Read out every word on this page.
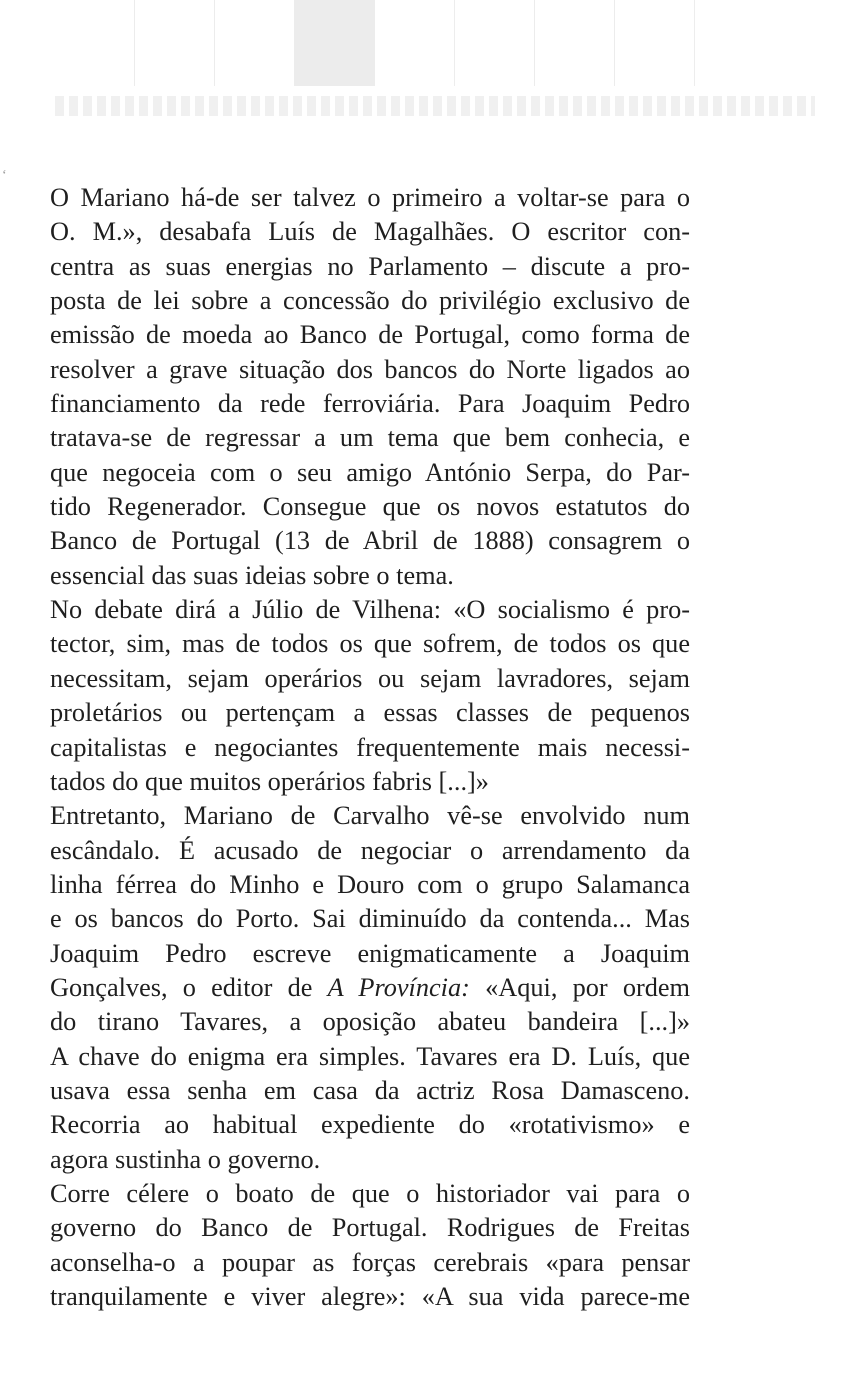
‘
O Mariano há-de ser talvez o primeiro a voltar-se para o
O. M.», desabafa Luís de Magalhães. O escritor con-
centra as suas energias no Parlamento – discute a pro-
posta de lei sobre a concessão do privilégio exclusivo de
emissão de moeda ao Banco de Portugal, como forma de
resolver a grave situação dos bancos do Norte ligados ao
financiamento da rede ferroviária. Para Joaquim Pedro
tratava-se de regressar a um tema que bem conhecia, e
que negoceia com o seu amigo António Serpa, do Par-
tido Regenerador. Consegue que os novos estatutos do
Banco de Portugal (13 de Abril de 1888) consagrem o
essencial das suas ideias sobre o tema.
No debate dirá a Júlio de Vilhena: «O socialismo é pro-
tector, sim, mas de todos os que sofrem, de todos os que
necessitam, sejam operários ou sejam lavradores, sejam
proletários ou pertençam a essas classes de pequenos
capitalistas e negociantes frequentemente mais necessi-
tados do que muitos operários fabris [...]»
Entretanto, Mariano de Carvalho vê-se envolvido num
escândalo. É acusado de negociar o arrendamento da
linha férrea do Minho e Douro com o grupo Salamanca
e os bancos do Porto. Sai diminuído da contenda... Mas
Joaquim Pedro escreve enigmaticamente a Joaquim
Gonçalves, o editor de A Província: «Aqui, por ordem
do tirano Tavares, a oposição abateu bandeira [...]»
A chave do enigma era simples. Tavares era D. Luís, que
usava essa senha em casa da actriz Rosa Damasceno.
Recorria ao habitual expediente do «rotativismo» e
agora sustinha o governo.
Corre célere o boato de que o historiador vai para o
governo do Banco de Portugal. Rodrigues de Freitas
aconselha-o a poupar as forças cerebrais «para pensar
tranquilamente e viver alegre»: «A sua vida parece-me
